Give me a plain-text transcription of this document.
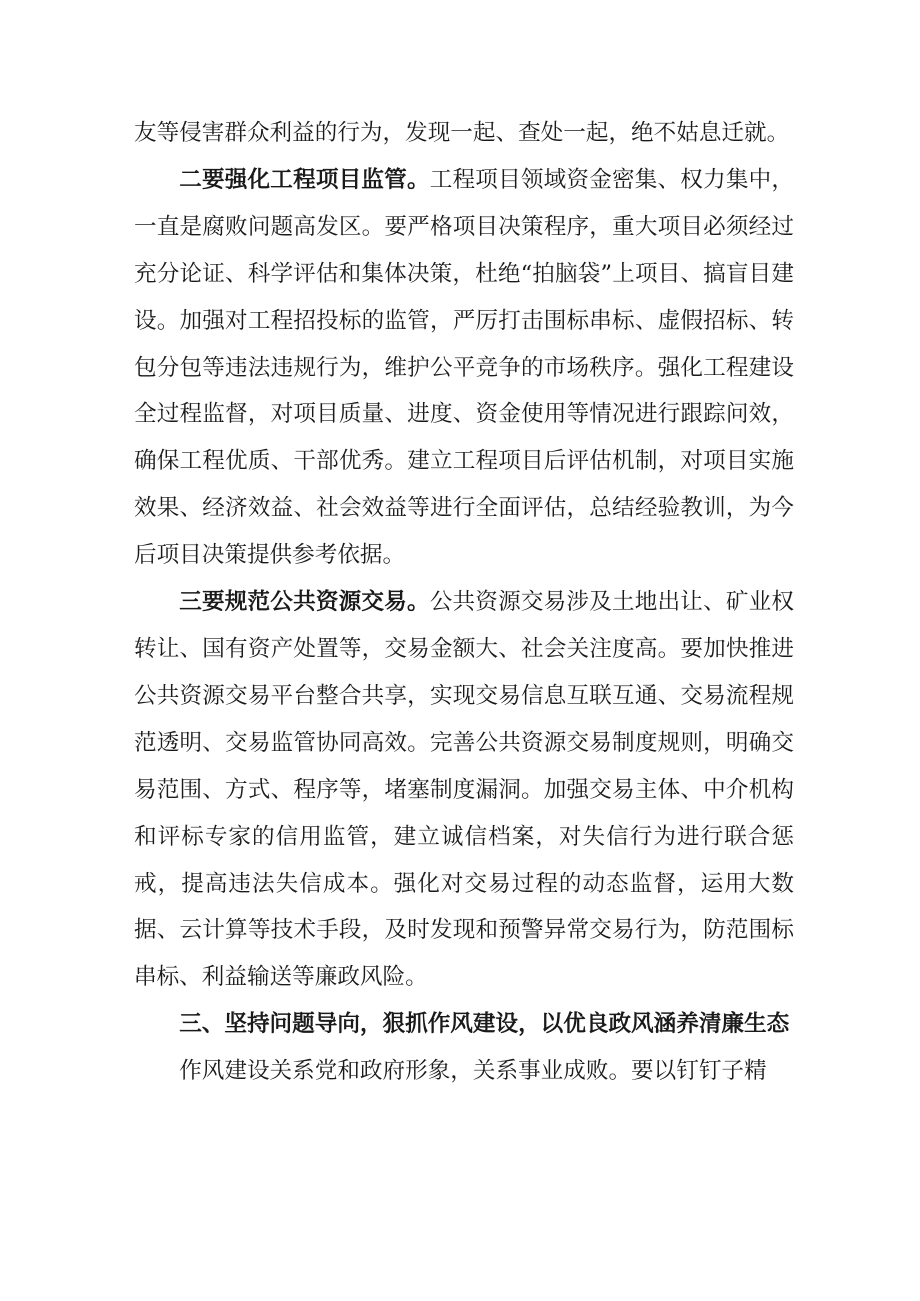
友等侵害群众利益的行为，发现一起、查处一起，绝不姑息迁就。

二要强化工程项目监管。工程项目领域资金密集、权力集中，一直是腐败问题高发区。要严格项目决策程序，重大项目必须经过充分论证、科学评估和集体决策，杜绝“拍脑袋”上项目、搞盲目建设。加强对工程招投标的监管，严厉打击围标串标、虚假招标、转包分包等违法违规行为，维护公平竞争的市场秩序。强化工程建设全过程监督，对项目质量、进度、资金使用等情况进行跟踪问效，确保工程优质、干部优秀。建立工程项目后评估机制，对项目实施效果、经济效益、社会效益等进行全面评估，总结经验教训，为今后项目决策提供参考依据。

三要规范公共资源交易。公共资源交易涉及土地出让、矿业权转让、国有资产处置等，交易金额大、社会关注度高。要加快推进公共资源交易平台整合共享，实现交易信息互联互通、交易流程规范透明、交易监管协同高效。完善公共资源交易制度规则，明确交易范围、方式、程序等，堵塞制度漏洞。加强交易主体、中介机构和评标专家的信用监管，建立诚信档案，对失信行为进行联合惩戒，提高违法失信成本。强化对交易过程的动态监督，运用大数据、云计算等技术手段，及时发现和预警异常交易行为，防范围标串标、利益输送等廉政风险。

三、坚持问题导向，狠抓作风建设，以优良政风涵养清廉生态

作风建设关系党和政府形象，关系事业成败。要以钉钉子精
